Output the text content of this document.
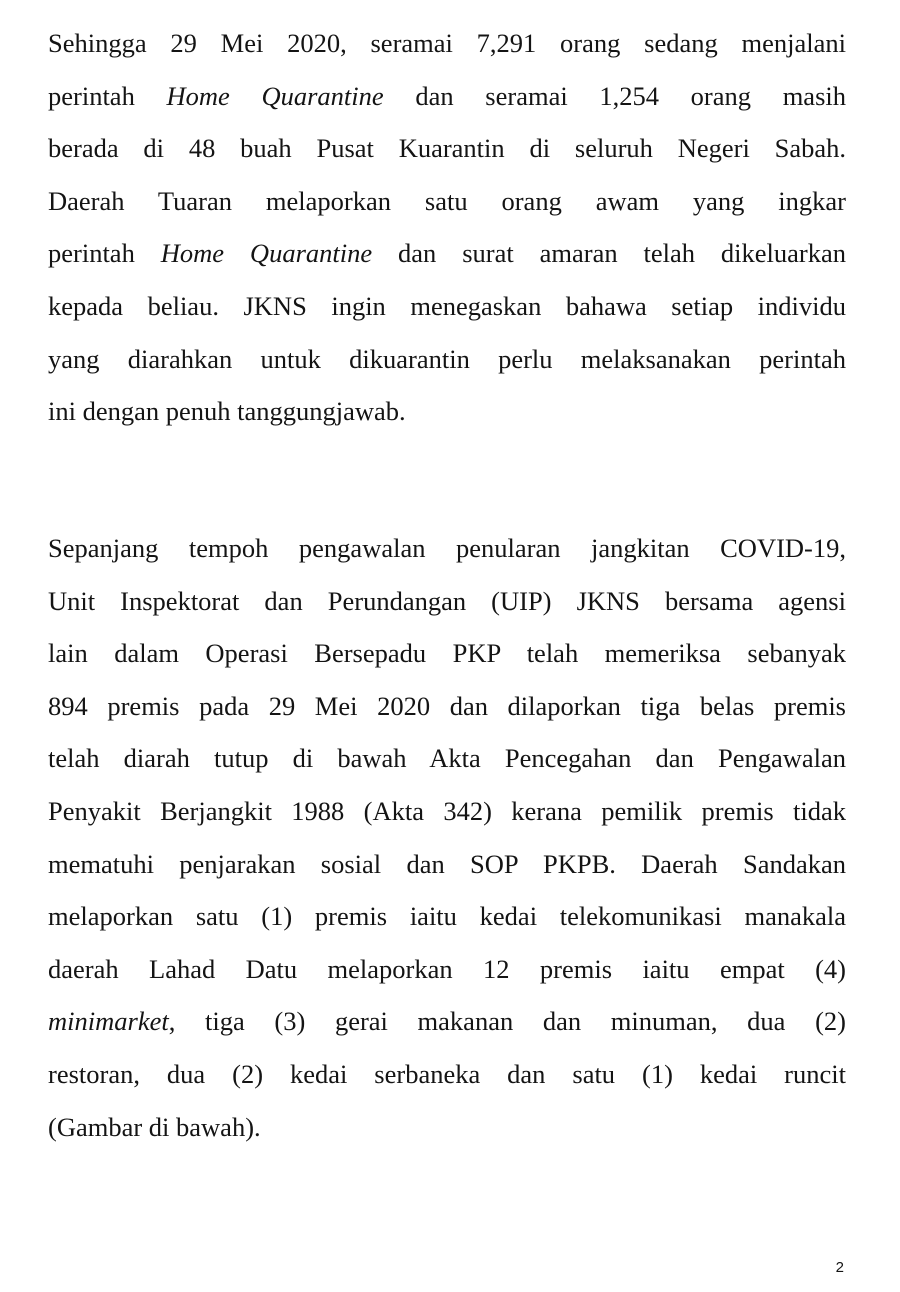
Sehingga 29 Mei 2020, seramai 7,291 orang sedang menjalani
perintah Home Quarantine dan seramai 1,254 orang masih
berada di 48 buah Pusat Kuarantin di seluruh Negeri Sabah.
Daerah Tuaran melaporkan satu orang awam yang ingkar
perintah Home Quarantine dan surat amaran telah dikeluarkan
kepada beliau. JKNS ingin menegaskan bahawa setiap individu
yang diarahkan untuk dikuarantin perlu melaksanakan perintah
ini dengan penuh tanggungjawab.
Sepanjang tempoh pengawalan penularan jangkitan COVID-19,
Unit Inspektorat dan Perundangan (UIP) JKNS bersama agensi
lain dalam Operasi Bersepadu PKP telah memeriksa sebanyak
894 premis pada 29 Mei 2020 dan dilaporkan tiga belas premis
telah diarah tutup di bawah Akta Pencegahan dan Pengawalan
Penyakit Berjangkit 1988 (Akta 342) kerana pemilik premis tidak
mematuhi penjarakan sosial dan SOP PKPB. Daerah Sandakan
melaporkan satu (1) premis iaitu kedai telekomunikasi manakala
daerah Lahad Datu melaporkan 12 premis iaitu empat (4)
minimarket, tiga (3) gerai makanan dan minuman, dua (2)
restoran, dua (2) kedai serbaneka dan satu (1) kedai runcit
(Gambar di bawah).
2
